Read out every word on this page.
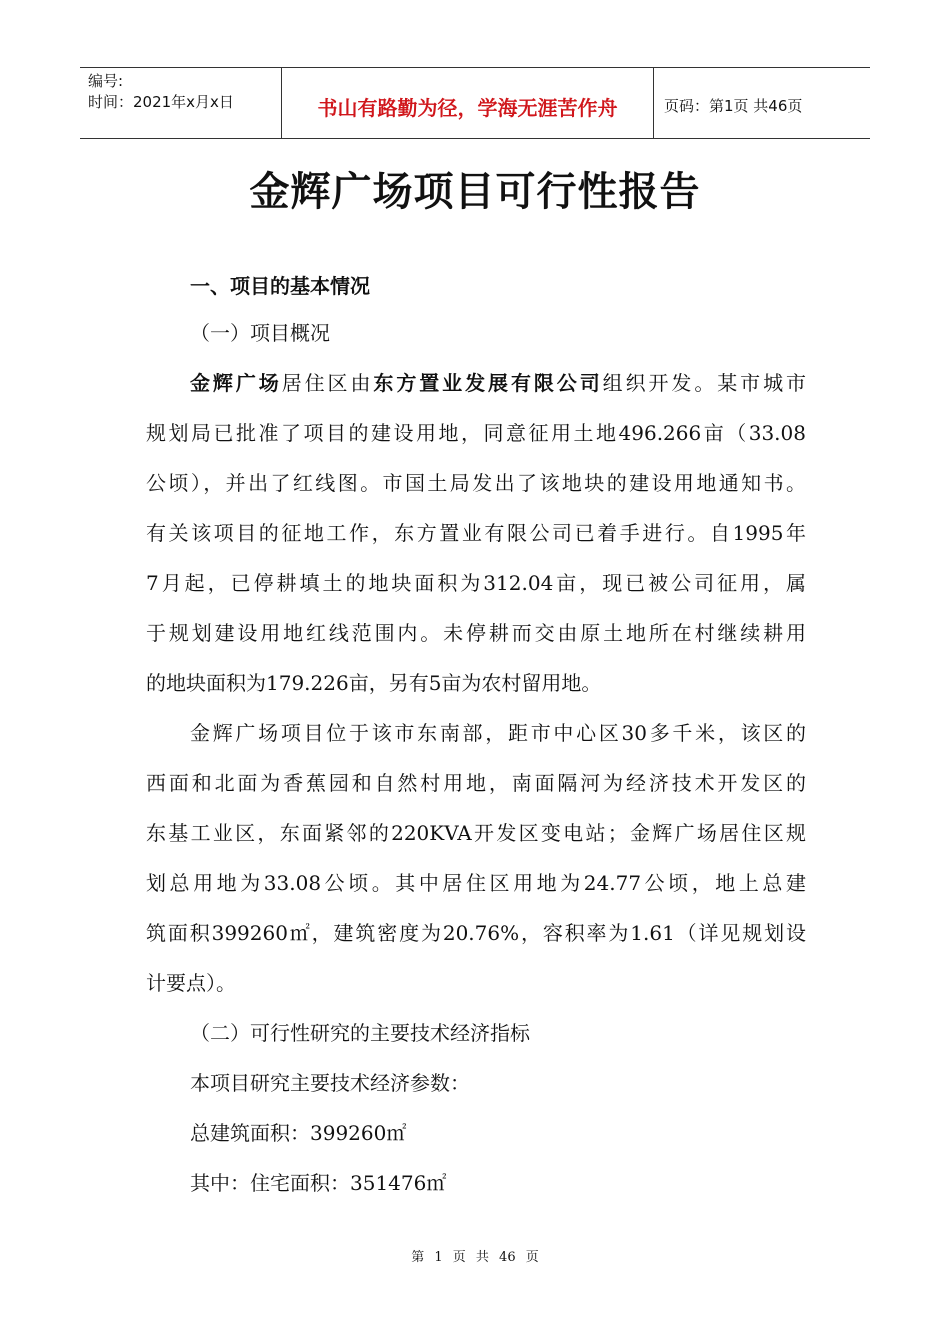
编号:
时间：2021年x月x日	书山有路勤为径，学海无涯苦作舟	页码：第1页 共46页
金辉广场项目可行性报告
一、项目的基本情况
（一）项目概况
金辉广场居住区由东方置业发展有限公司组织开发。某市城市
规划局已批准了项目的建设用地，同意征用土地496.266亩（33.08
公顷），并出了红线图。市国土局发出了该地块的建设用地通知书。
有关该项目的征地工作，东方置业有限公司已着手进行。自1995年
7月起，已停耕填土的地块面积为312.04亩，现已被公司征用，属
于规划建设用地红线范围内。未停耕而交由原土地所在村继续耕用
的地块面积为179.226亩，另有5亩为农村留用地。
金辉广场项目位于该市东南部，距市中心区30多千米，该区的
西面和北面为香蕉园和自然村用地，南面隔河为经济技术开发区的
东基工业区，东面紧邻的220KVA开发区变电站；金辉广场居住区规
划总用地为33.08公顷。其中居住区用地为24.77公顷，地上总建
筑面积399260㎡，建筑密度为20.76%，容积率为1.61（详见规划设
计要点）。
（二）可行性研究的主要技术经济指标
本项目研究主要技术经济参数：
总建筑面积：399260㎡
其中：住宅面积：351476㎡
第 1 页 共 46 页
